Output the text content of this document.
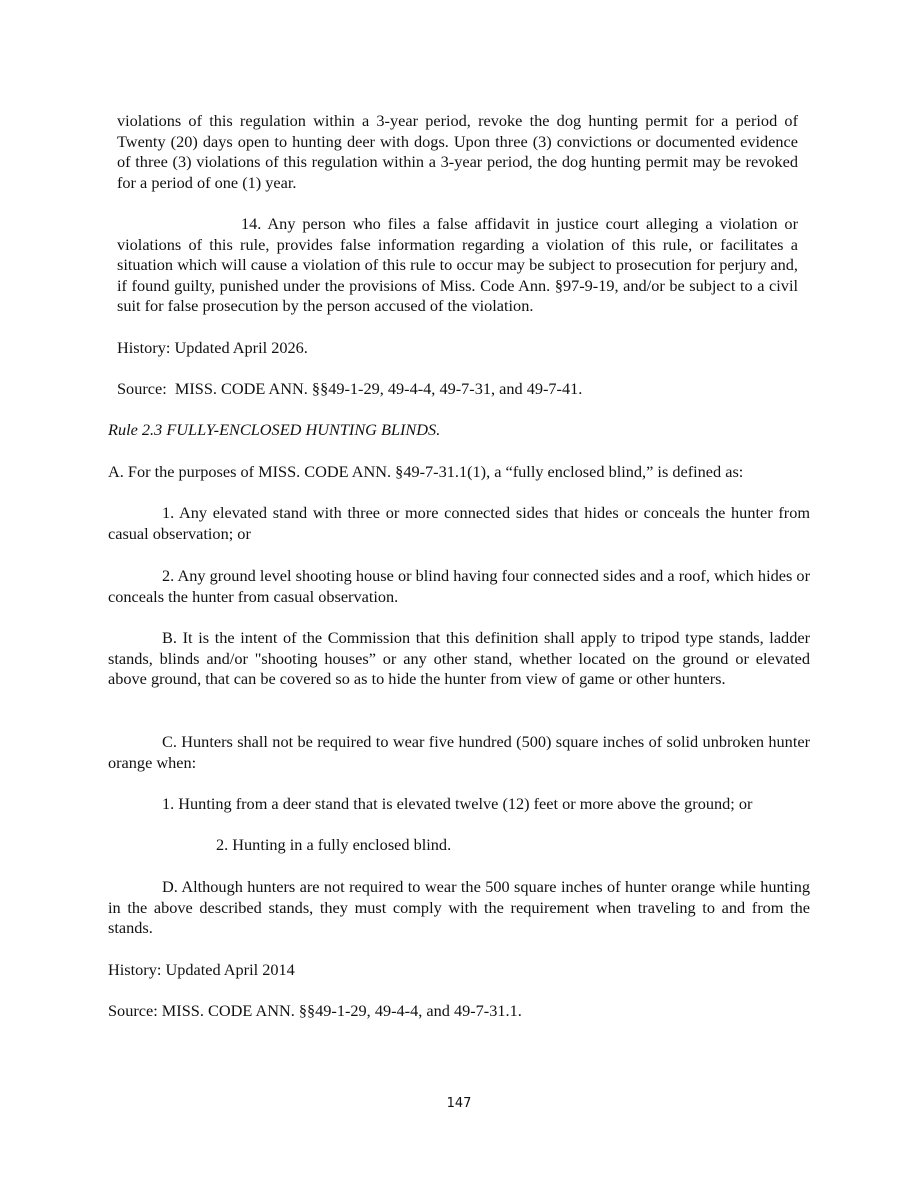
violations of this regulation within a 3-year period, revoke the dog hunting permit for a period of Twenty (20) days open to hunting deer with dogs. Upon three (3) convictions or documented evidence of three (3) violations of this regulation within a 3-year period, the dog hunting permit may be revoked for a period of one (1) year.

14. Any person who files a false affidavit in justice court alleging a violation or violations of this rule, provides false information regarding a violation of this rule, or facilitates a situation which will cause a violation of this rule to occur may be subject to prosecution for perjury and, if found guilty, punished under the provisions of Miss. Code Ann. §97-9-19, and/or be subject to a civil suit for false prosecution by the person accused of the violation.

History: Updated April 2026.

Source:  MISS. CODE ANN. §§49-1-29, 49-4-4, 49-7-31, and 49-7-41.

Rule 2.3 FULLY-ENCLOSED HUNTING BLINDS.

A. For the purposes of MISS. CODE ANN. §49-7-31.1(1), a “fully enclosed blind,” is defined as:

1. Any elevated stand with three or more connected sides that hides or conceals the hunter from casual observation; or

2. Any ground level shooting house or blind having four connected sides and a roof, which hides or conceals the hunter from casual observation.

B. It is the intent of the Commission that this definition shall apply to tripod type stands, ladder stands, blinds and/or "shooting houses” or any other stand, whether located on the ground or elevated above ground, that can be covered so as to hide the hunter from view of game or other hunters.

C. Hunters shall not be required to wear five hundred (500) square inches of solid unbroken hunter orange when:

1. Hunting from a deer stand that is elevated twelve (12) feet or more above the ground; or

2. Hunting in a fully enclosed blind.

D. Although hunters are not required to wear the 500 square inches of hunter orange while hunting in the above described stands, they must comply with the requirement when traveling to and from the stands.

History: Updated April 2014

Source: MISS. CODE ANN. §§49-1-29, 49-4-4, and 49-7-31.1.

147
